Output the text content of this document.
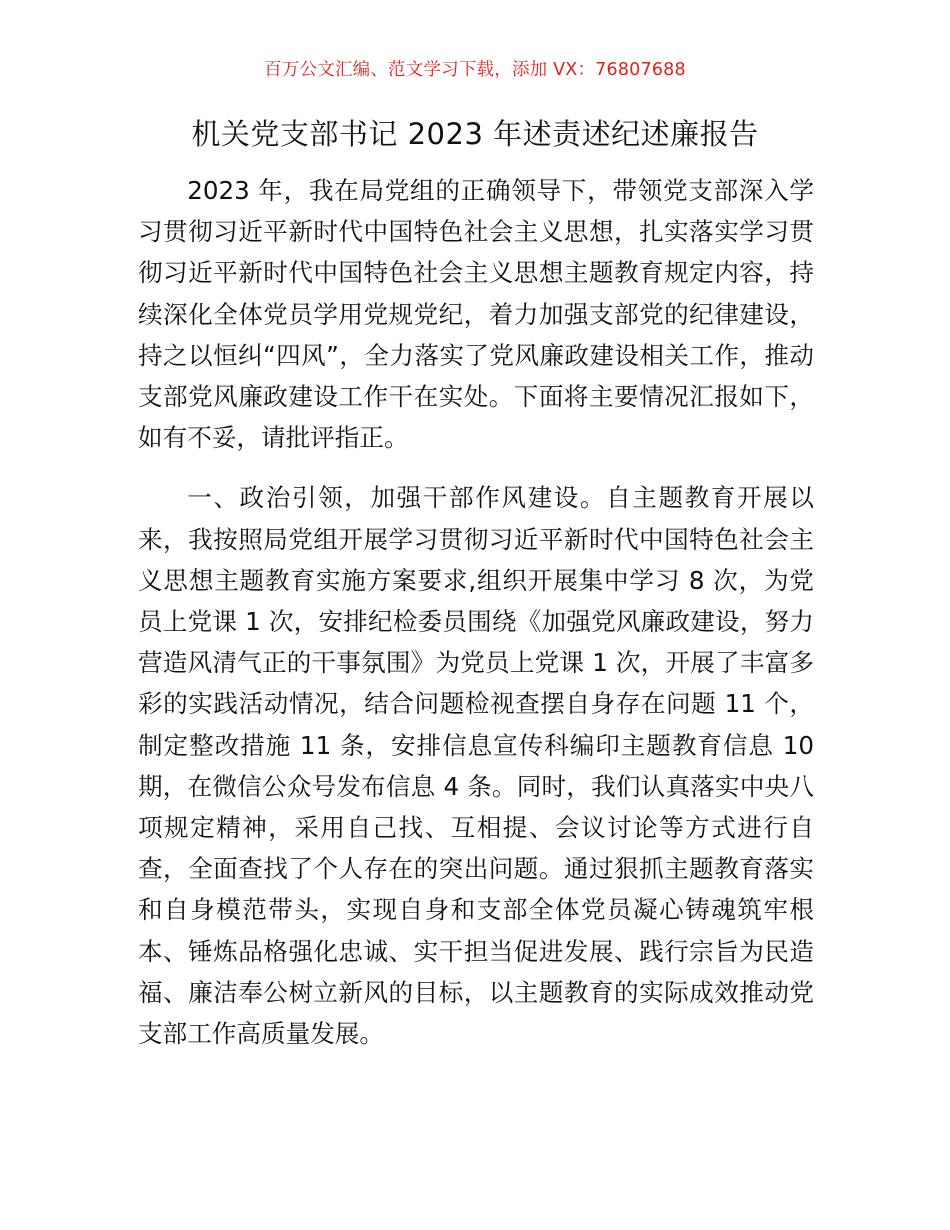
百万公文汇编、范文学习下载，添加 VX：76807688
机关党支部书记 2023 年述责述纪述廉报告

2023 年，我在局党组的正确领导下，带领党支部深入学习贯彻习近平新时代中国特色社会主义思想，扎实落实学习贯彻习近平新时代中国特色社会主义思想主题教育规定内容，持续深化全体党员学用党规党纪，着力加强支部党的纪律建设，持之以恒纠“四风”，全力落实了党风廉政建设相关工作，推动支部党风廉政建设工作干在实处。下面将主要情况汇报如下，如有不妥，请批评指正。

一、政治引领，加强干部作风建设。自主题教育开展以来，我按照局党组开展学习贯彻习近平新时代中国特色社会主义思想主题教育实施方案要求,组织开展集中学习 8 次，为党员上党课 1 次，安排纪检委员围绕《加强党风廉政建设，努力营造风清气正的干事氛围》为党员上党课 1 次，开展了丰富多彩的实践活动情况，结合问题检视查摆自身存在问题 11 个，制定整改措施 11 条，安排信息宣传科编印主题教育信息 10 期，在微信公众号发布信息 4 条。同时，我们认真落实中央八项规定精神，采用自己找、互相提、会议讨论等方式进行自查，全面查找了个人存在的突出问题。通过狠抓主题教育落实和自身模范带头，实现自身和支部全体党员凝心铸魂筑牢根本、锤炼品格强化忠诚、实干担当促进发展、践行宗旨为民造福、廉洁奉公树立新风的目标，以主题教育的实际成效推动党支部工作高质量发展。
